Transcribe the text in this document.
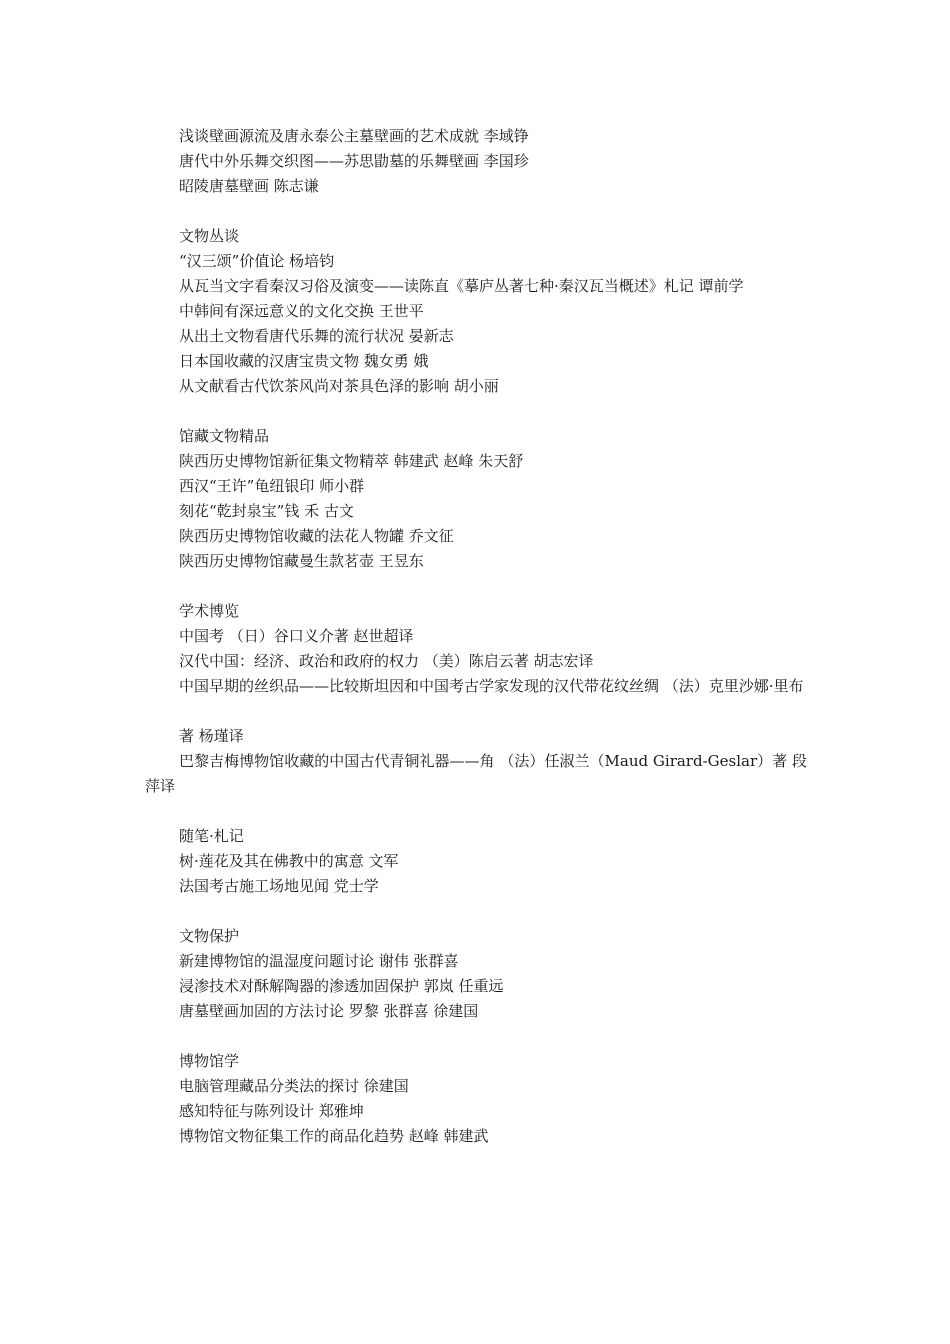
浅谈壁画源流及唐永泰公主墓壁画的艺术成就 李域铮

唐代中外乐舞交织图——苏思勖墓的乐舞壁画 李国珍

昭陵唐墓壁画 陈志谦

文物丛谈

“汉三颂”价值论 杨培钧

从瓦当文字看秦汉习俗及演变——读陈直《摹庐丛著七种·秦汉瓦当概述》札记 谭前学

中韩间有深远意义的文化交换 王世平

从出土文物看唐代乐舞的流行状况 晏新志

日本国收藏的汉唐宝贵文物 魏女勇 娥

从文献看古代饮茶风尚对茶具色泽的影响 胡小丽

馆藏文物精品

陕西历史博物馆新征集文物精萃 韩建武 赵峰 朱天舒

西汉“王许”龟纽银印 师小群

刻花“乾封泉宝”钱 禾 古文

陕西历史博物馆收藏的法花人物罐 乔文征

陕西历史博物馆藏曼生款茗壶 王昱东

学术博览

中国考 （日）谷口义介著 赵世超译

汉代中国：经济、政治和政府的权力 （美）陈启云著 胡志宏译

中国早期的丝织品——比较斯坦因和中国考古学家发现的汉代带花纹丝绸 （法）克里沙娜·里布

著 杨瑾译

巴黎吉梅博物馆收藏的中国古代青铜礼器——角 （法）任淑兰（Maud Girard-Geslar）著 段萍译

随笔·札记

树·莲花及其在佛教中的寓意 文军

法国考古施工场地见闻 党士学

文物保护

新建博物馆的温湿度问题讨论 谢伟 张群喜

浸渗技术对酥解陶器的渗透加固保护 郭岚 任重远

唐墓壁画加固的方法讨论 罗黎 张群喜 徐建国

博物馆学

电脑管理藏品分类法的探讨 徐建国

感知特征与陈列设计 郑雅坤

博物馆文物征集工作的商品化趋势 赵峰 韩建武
